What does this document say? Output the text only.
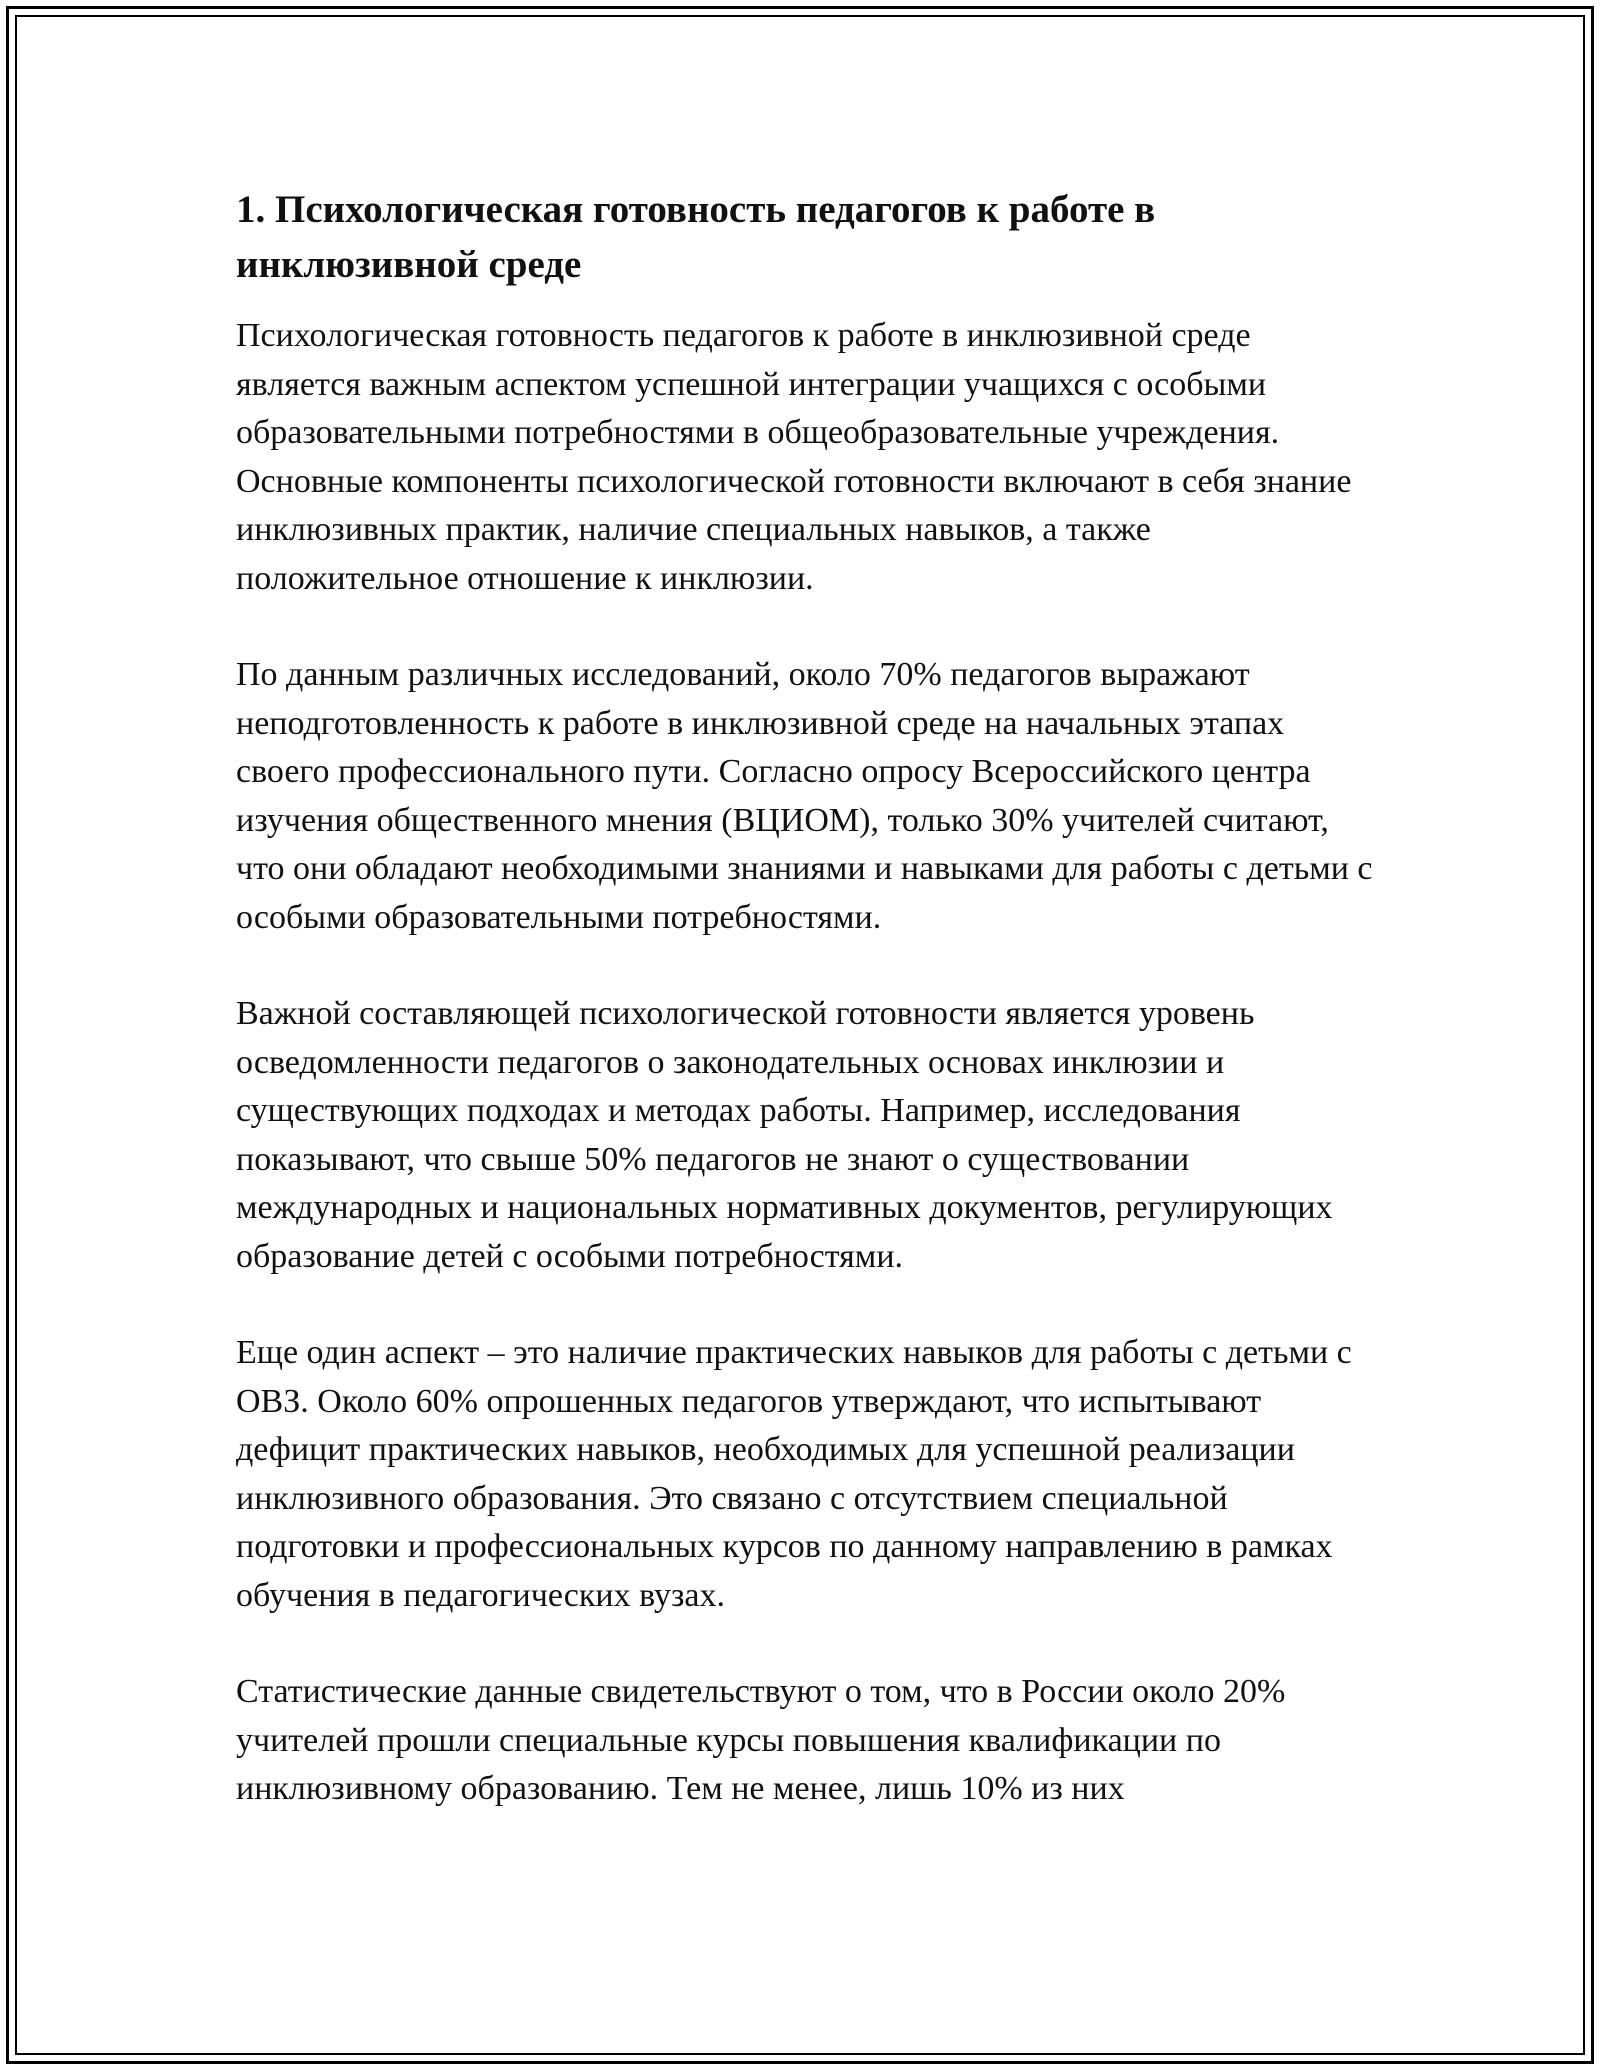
1. Психологическая готовность педагогов к работе в инклюзивной среде

Психологическая готовность педагогов к работе в инклюзивной среде является важным аспектом успешной интеграции учащихся с особыми образовательными потребностями в общеобразовательные учреждения. Основные компоненты психологической готовности включают в себя знание инклюзивных практик, наличие специальных навыков, а также положительное отношение к инклюзии.

По данным различных исследований, около 70% педагогов выражают неподготовленность к работе в инклюзивной среде на начальных этапах своего профессионального пути. Согласно опросу Всероссийского центра изучения общественного мнения (ВЦИОМ), только 30% учителей считают, что они обладают необходимыми знаниями и навыками для работы с детьми с особыми образовательными потребностями.

Важной составляющей психологической готовности является уровень осведомленности педагогов о законодательных основах инклюзии и существующих подходах и методах работы. Например, исследования показывают, что свыше 50% педагогов не знают о существовании международных и национальных нормативных документов, регулирующих образование детей с особыми потребностями.

Еще один аспект – это наличие практических навыков для работы с детьми с ОВЗ. Около 60% опрошенных педагогов утверждают, что испытывают дефицит практических навыков, необходимых для успешной реализации инклюзивного образования. Это связано с отсутствием специальной подготовки и профессиональных курсов по данному направлению в рамках обучения в педагогических вузах.

Статистические данные свидетельствуют о том, что в России около 20% учителей прошли специальные курсы повышения квалификации по инклюзивному образованию. Тем не менее, лишь 10% из них
